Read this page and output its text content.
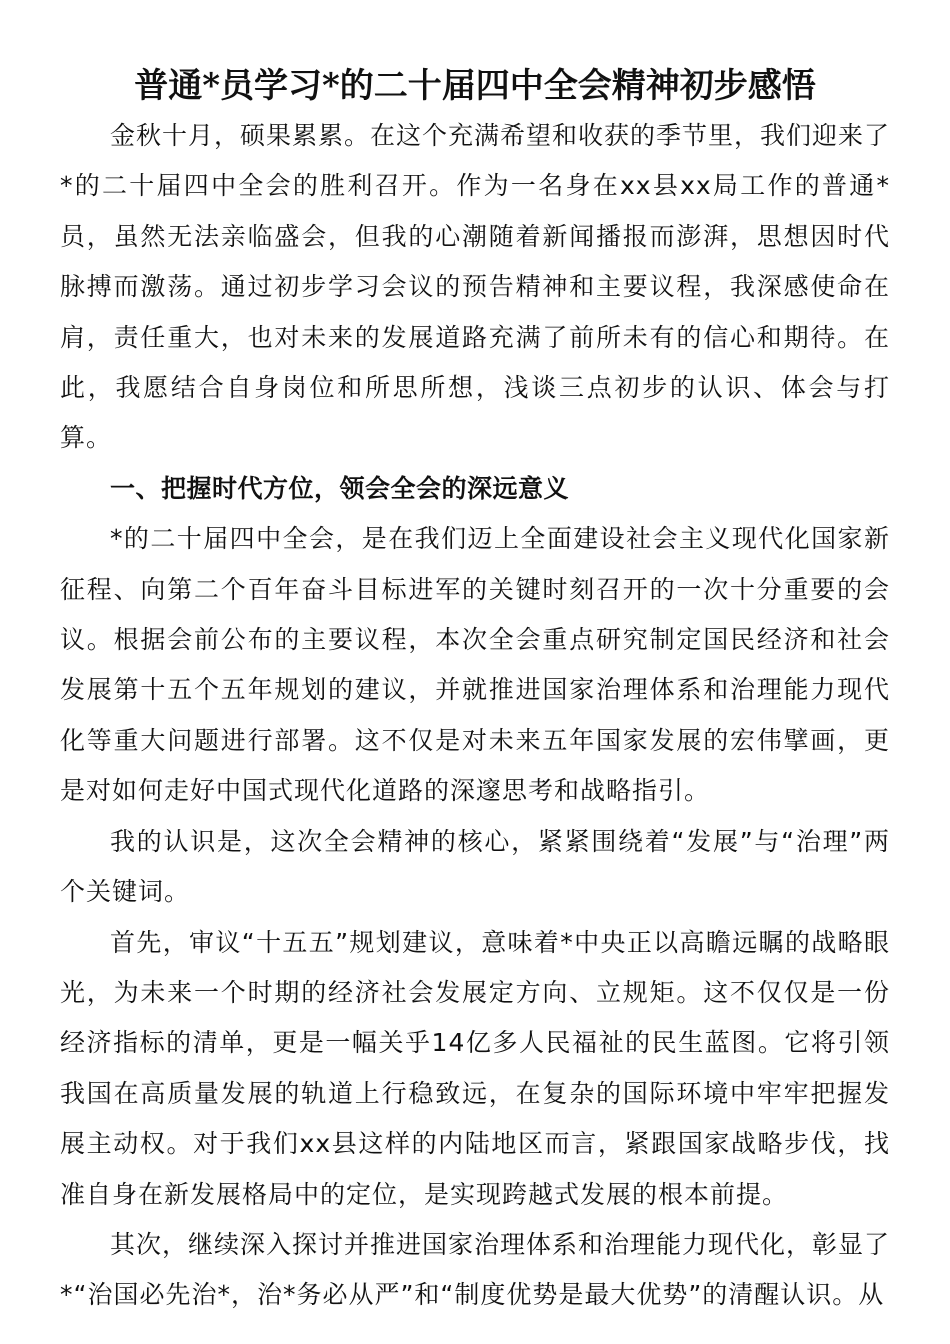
普通*员学习*的二十届四中全会精神初步感悟

金秋十月，硕果累累。在这个充满希望和收获的季节里，我们迎来了*的二十届四中全会的胜利召开。作为一名身在xx县xx局工作的普通*员，虽然无法亲临盛会，但我的心潮随着新闻播报而澎湃，思想因时代脉搏而激荡。通过初步学习会议的预告精神和主要议程，我深感使命在肩，责任重大，也对未来的发展道路充满了前所未有的信心和期待。在此，我愿结合自身岗位和所思所想，浅谈三点初步的认识、体会与打算。

一、把握时代方位，领会全会的深远意义

*的二十届四中全会，是在我们迈上全面建设社会主义现代化国家新征程、向第二个百年奋斗目标进军的关键时刻召开的一次十分重要的会议。根据会前公布的主要议程，本次全会重点研究制定国民经济和社会发展第十五个五年规划的建议，并就推进国家治理体系和治理能力现代化等重大问题进行部署。这不仅是对未来五年国家发展的宏伟擘画，更是对如何走好中国式现代化道路的深邃思考和战略指引。

我的认识是，这次全会精神的核心，紧紧围绕着“发展”与“治理”两个关键词。

首先，审议“十五五”规划建议，意味着*中央正以高瞻远瞩的战略眼光，为未来一个时期的经济社会发展定方向、立规矩。这不仅仅是一份经济指标的清单，更是一幅关乎14亿多人民福祉的民生蓝图。它将引领我国在高质量发展的轨道上行稳致远，在复杂的国际环境中牢牢把握发展主动权。对于我们xx县这样的内陆地区而言，紧跟国家战略步伐，找准自身在新发展格局中的定位，是实现跨越式发展的根本前提。

其次，继续深入探讨并推进国家治理体系和治理能力现代化，彰显了*“治国必先治*，治*务必从严”和“制度优势是最大优势”的清醒认识。从
